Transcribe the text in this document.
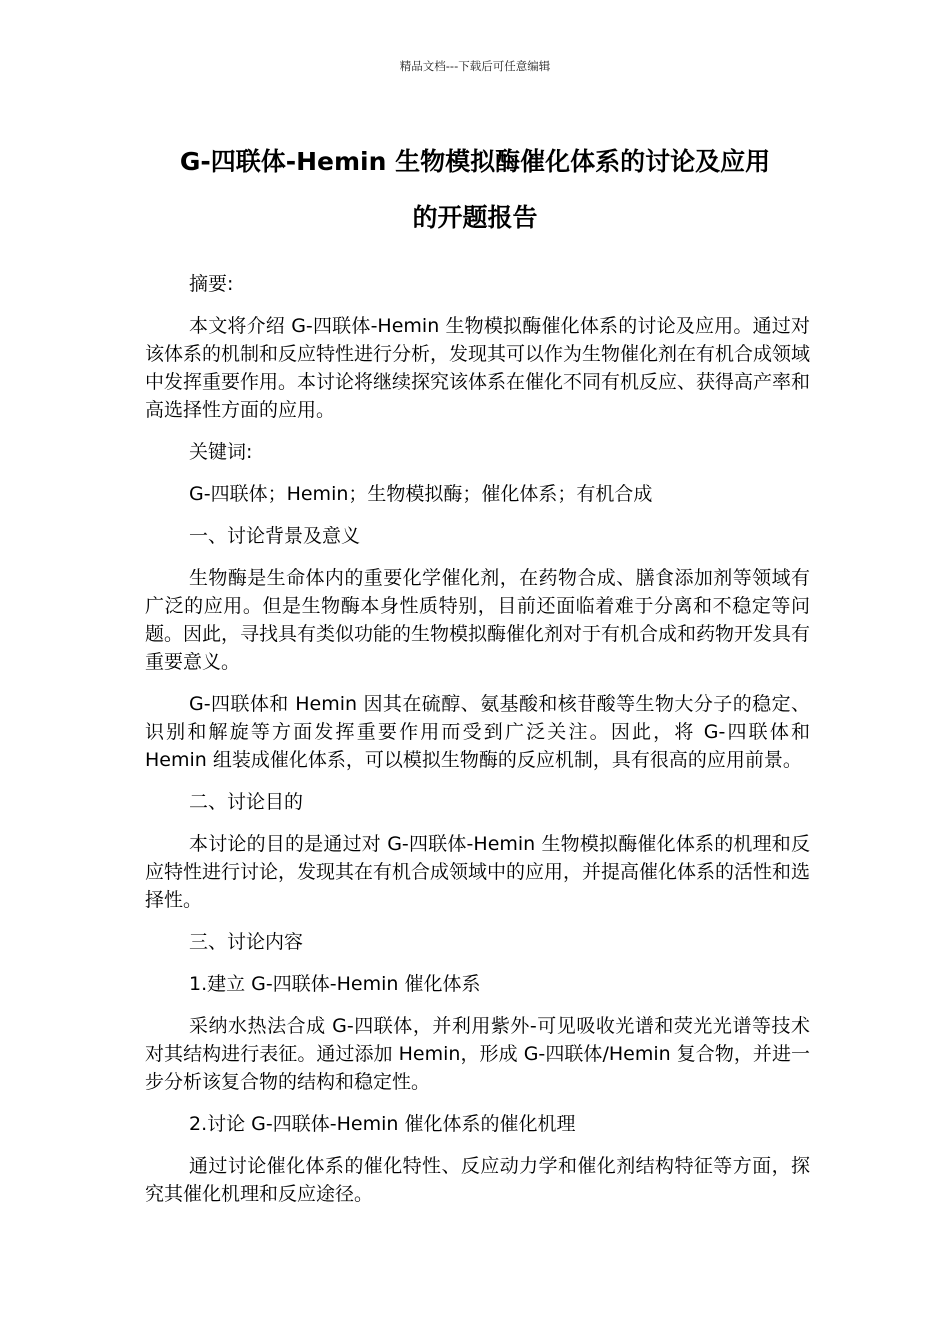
精品文档---下载后可任意编辑
G-四联体-Hemin 生物模拟酶催化体系的讨论及应用
的开题报告

摘要:

本文将介绍 G-四联体-Hemin 生物模拟酶催化体系的讨论及应用。通过对该体系的机制和反应特性进行分析，发现其可以作为生物催化剂在有机合成领域中发挥重要作用。本讨论将继续探究该体系在催化不同有机反应、获得高产率和高选择性方面的应用。

关键词:

G-四联体；Hemin；生物模拟酶；催化体系；有机合成

一、讨论背景及意义

生物酶是生命体内的重要化学催化剂，在药物合成、膳食添加剂等领域有广泛的应用。但是生物酶本身性质特别，目前还面临着难于分离和不稳定等问题。因此，寻找具有类似功能的生物模拟酶催化剂对于有机合成和药物开发具有重要意义。

G-四联体和 Hemin 因其在硫醇、氨基酸和核苷酸等生物大分子的稳定、识别和解旋等方面发挥重要作用而受到广泛关注。因此，将 G-四联体和 Hemin 组装成催化体系，可以模拟生物酶的反应机制，具有很高的应用前景。

二、讨论目的

本讨论的目的是通过对 G-四联体-Hemin 生物模拟酶催化体系的机理和反应特性进行讨论，发现其在有机合成领域中的应用，并提高催化体系的活性和选择性。

三、讨论内容

1.建立 G-四联体-Hemin 催化体系

采纳水热法合成 G-四联体，并利用紫外-可见吸收光谱和荧光光谱等技术对其结构进行表征。通过添加 Hemin，形成 G-四联体/Hemin 复合物，并进一步分析该复合物的结构和稳定性。

2.讨论 G-四联体-Hemin 催化体系的催化机理

通过讨论催化体系的催化特性、反应动力学和催化剂结构特征等方面，探究其催化机理和反应途径。
